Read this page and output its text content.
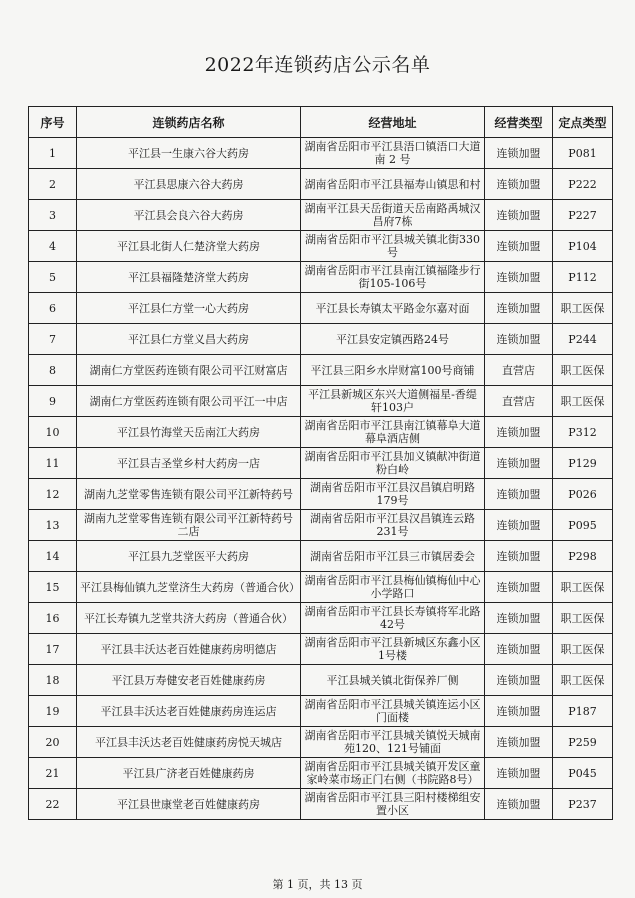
2022年连锁药店公示名单
序号	连锁药店名称	经营地址	经营类型	定点类型
1	平江县一生康六谷大药房	湖南省岳阳市平江县浯口镇浯口大道南 2 号	连锁加盟	P081
2	平江县思康六谷大药房	湖南省岳阳市平江县福寿山镇思和村	连锁加盟	P222
3	平江县会良六谷大药房	湖南平江县天岳街道天岳南路禹城汉昌府7栋	连锁加盟	P227
4	平江县北街人仁楚济堂大药房	湖南省岳阳市平江县城关镇北街330号	连锁加盟	P104
5	平江县福隆楚济堂大药房	湖南省岳阳市平江县南江镇福隆步行街105-106号	连锁加盟	P112
6	平江县仁方堂一心大药房	平江县长寿镇太平路金尔嘉对面	连锁加盟	职工医保
7	平江县仁方堂义昌大药房	平江县安定镇西路24号	连锁加盟	P244
8	湖南仁方堂医药连锁有限公司平江财富店	平江县三阳乡水岸财富100号商铺	直营店	职工医保
9	湖南仁方堂医药连锁有限公司平江一中店	平江县新城区东兴大道侧福星-香缇轩103户	直营店	职工医保
10	平江县竹海堂天岳南江大药房	湖南省岳阳市平江县南江镇幕阜大道幕阜酒店侧	连锁加盟	P312
11	平江县吉圣堂乡村大药房一店	湖南省岳阳市平江县加义镇献冲街道粉白岭	连锁加盟	P129
12	湖南九芝堂零售连锁有限公司平江新特药号	湖南省岳阳市平江县汉昌镇启明路179号	连锁加盟	P026
13	湖南九芝堂零售连锁有限公司平江新特药号二店	湖南省岳阳市平江县汉昌镇连云路231号	连锁加盟	P095
14	平江县九芝堂医平大药房	湖南省岳阳市平江县三市镇居委会	连锁加盟	P298
15	平江县梅仙镇九芝堂济生大药房（普通合伙）	湖南省岳阳市平江县梅仙镇梅仙中心小学路口	连锁加盟	职工医保
16	平江长寿镇九芝堂共济大药房（普通合伙）	湖南省岳阳市平江县长寿镇将军北路42号	连锁加盟	职工医保
17	平江县丰沃达老百姓健康药房明德店	湖南省岳阳市平江县新城区东鑫小区1号楼	连锁加盟	职工医保
18	平江县万寿健安老百姓健康药房	平江县城关镇北街保养厂侧	连锁加盟	职工医保
19	平江县丰沃达老百姓健康药房连运店	湖南省岳阳市平江县城关镇连运小区门面楼	连锁加盟	P187
20	平江县丰沃达老百姓健康药房悦天城店	湖南省岳阳市平江县城关镇悦天城南苑120、121号铺面	连锁加盟	P259
21	平江县广济老百姓健康药房	湖南省岳阳市平江县城关镇开发区童家岭菜市场正门右侧（书院路8号）	连锁加盟	P045
22	平江县世康堂老百姓健康药房	湖南省岳阳市平江县三阳村楼梯组安置小区	连锁加盟	P237
第 1 页，共 13 页
